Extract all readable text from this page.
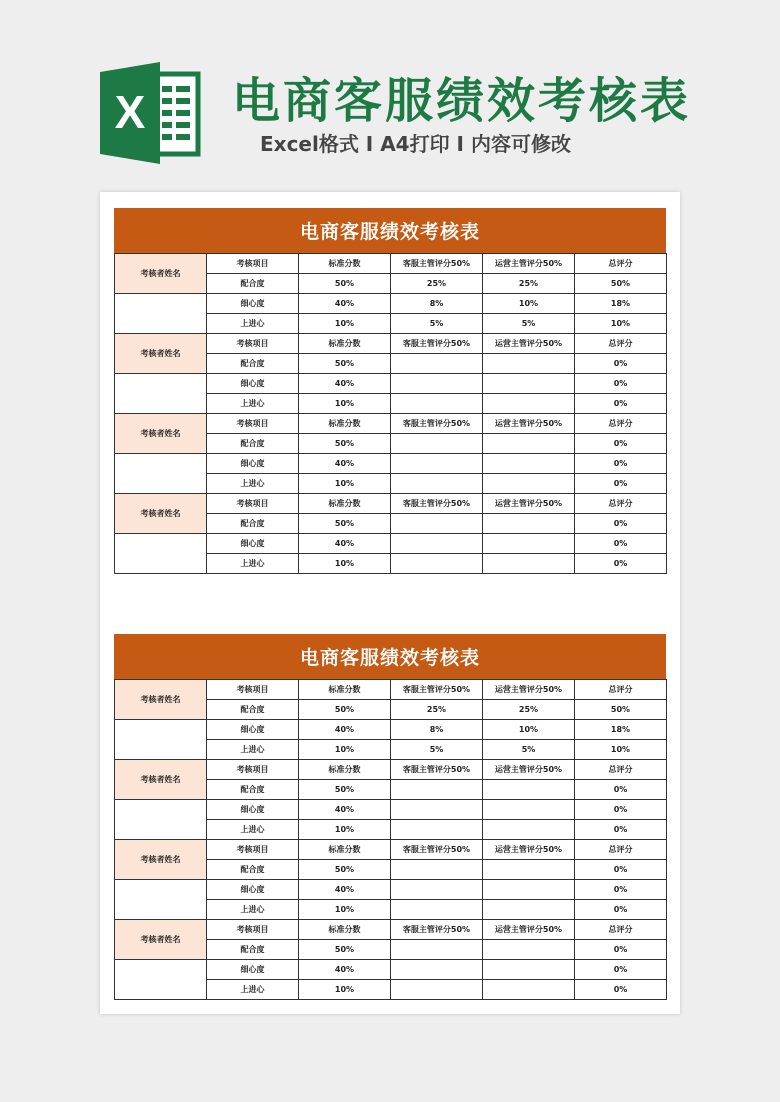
X 电商客服绩效考核表
Excel格式 I A4打印 I 内容可修改
电商客服绩效考核表
考核者姓名	考核项目	标准分数	客服主管评分50%	运营主管评分50%	总评分
	配合度	50%	25%	25%	50%
	细心度	40%	8%	10%	18%
	上进心	10%	5%	5%	10%
考核者姓名	考核项目	标准分数	客服主管评分50%	运营主管评分50%	总评分
	配合度	50%			0%
	细心度	40%			0%
	上进心	10%			0%
考核者姓名	考核项目	标准分数	客服主管评分50%	运营主管评分50%	总评分
	配合度	50%			0%
	细心度	40%			0%
	上进心	10%			0%
考核者姓名	考核项目	标准分数	客服主管评分50%	运营主管评分50%	总评分
	配合度	50%			0%
	细心度	40%			0%
	上进心	10%			0%
电商客服绩效考核表
考核者姓名	考核项目	标准分数	客服主管评分50%	运营主管评分50%	总评分
	配合度	50%	25%	25%	50%
	细心度	40%	8%	10%	18%
	上进心	10%	5%	5%	10%
考核者姓名	考核项目	标准分数	客服主管评分50%	运营主管评分50%	总评分
	配合度	50%			0%
	细心度	40%			0%
	上进心	10%			0%
考核者姓名	考核项目	标准分数	客服主管评分50%	运营主管评分50%	总评分
	配合度	50%			0%
	细心度	40%			0%
	上进心	10%			0%
考核者姓名	考核项目	标准分数	客服主管评分50%	运营主管评分50%	总评分
	配合度	50%			0%
	细心度	40%			0%
	上进心	10%			0%
